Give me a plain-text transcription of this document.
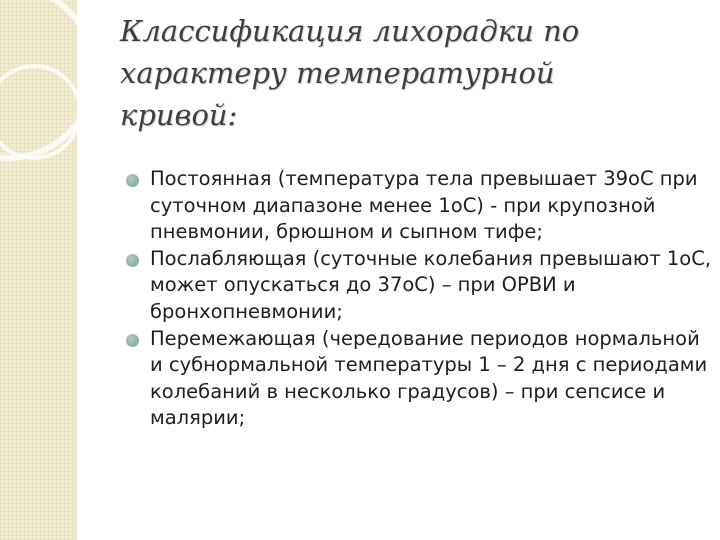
Классификация лихорадки по характеру температурной кривой:
Постоянная (температура тела превышает 39оС при суточном диапазоне менее 1оС) - при крупозной пневмонии, брюшном и сыпном тифе;
Послабляющая (суточные колебания превышают 1оС, может опускаться до 37оС) – при ОРВИ и бронхопневмонии;
Перемежающая (чередование периодов нормальной и субнормальной температуры 1 – 2 дня с периодами колебаний в несколько градусов) – при сепсисе и малярии;
